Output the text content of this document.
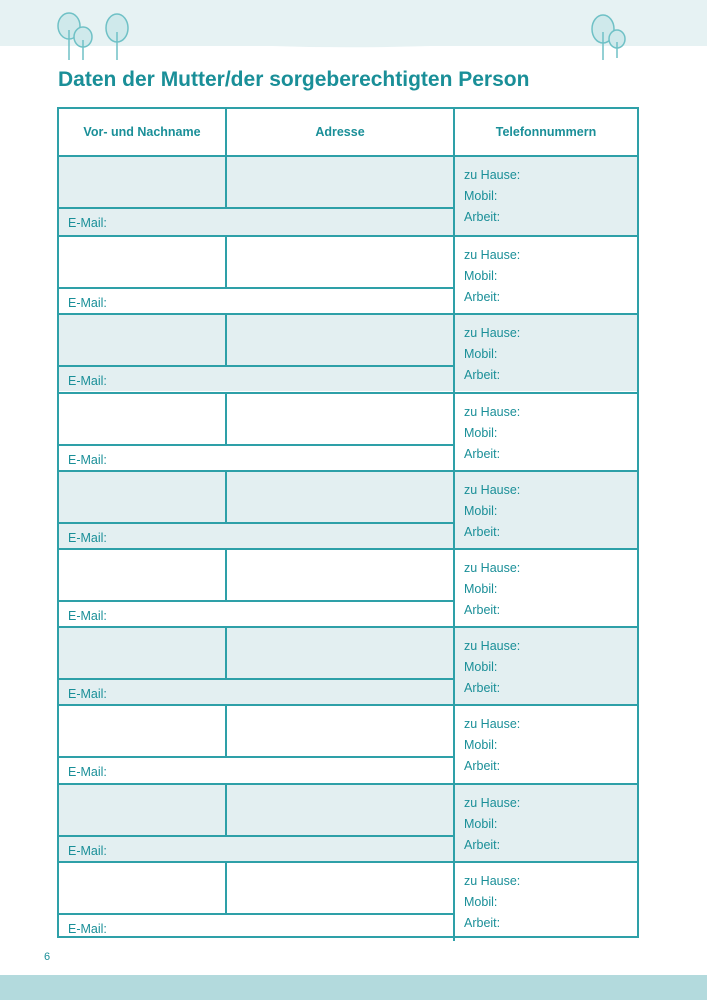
Daten der Mutter/der sorgeberechtigten Person
Vor- und Nachname	Adresse	Telefonnummern
E-Mail:
zu Hause:
Mobil:
Arbeit:
E-Mail:
zu Hause:
Mobil:
Arbeit:
E-Mail:
zu Hause:
Mobil:
Arbeit:
E-Mail:
zu Hause:
Mobil:
Arbeit:
E-Mail:
zu Hause:
Mobil:
Arbeit:
E-Mail:
zu Hause:
Mobil:
Arbeit:
E-Mail:
zu Hause:
Mobil:
Arbeit:
E-Mail:
zu Hause:
Mobil:
Arbeit:
E-Mail:
zu Hause:
Mobil:
Arbeit:
E-Mail:
zu Hause:
Mobil:
Arbeit:
6
